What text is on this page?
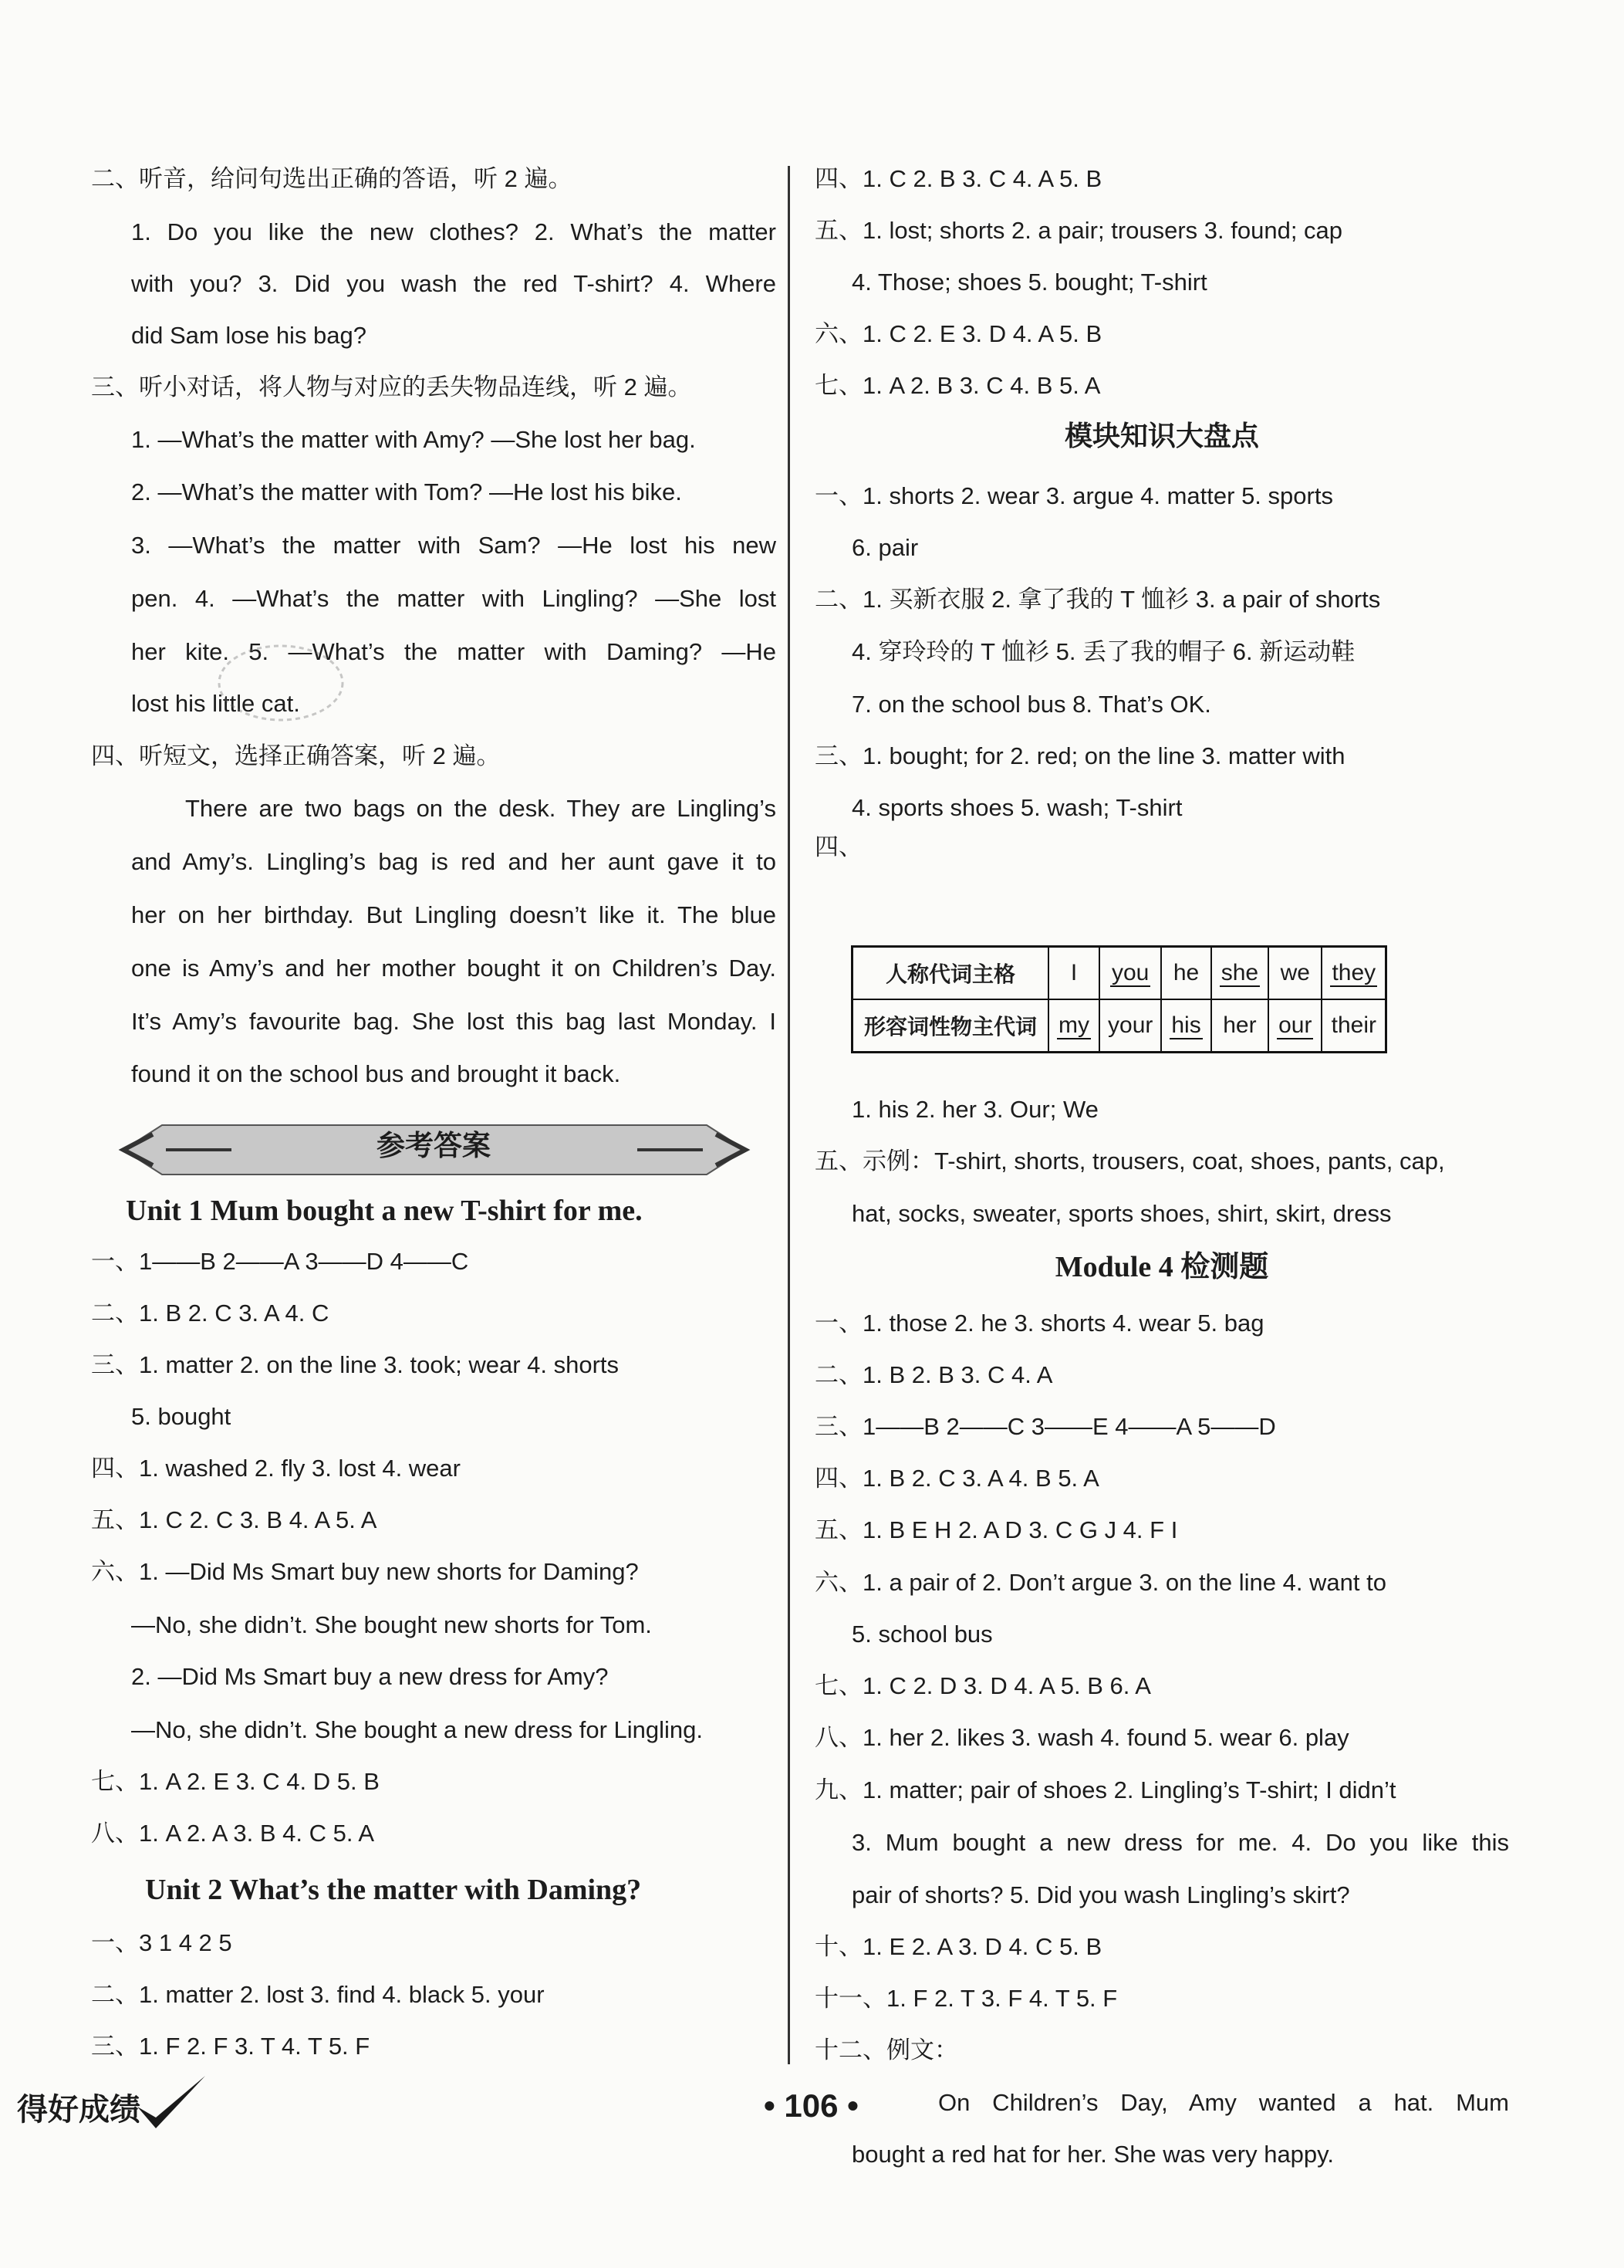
二、听音，给问句选出正确的答语，听 2 遍。
1. Do you like the new clothes? 2. What’s the matter
with you? 3. Did you wash the red T-shirt? 4. Where
did Sam lose his bag?
三、听小对话，将人物与对应的丢失物品连线，听 2 遍。
1. —What’s the matter with Amy? —She lost her bag.
2. —What’s the matter with Tom? —He lost his bike.
3. —What’s the matter with Sam? —He lost his new
pen. 4. —What’s the matter with Lingling? —She lost
her kite. 5. —What’s the matter with Daming? —He
lost his little cat.
四、听短文，选择正确答案，听 2 遍。
There are two bags on the desk. They are Lingling’s
and Amy’s. Lingling’s bag is red and her aunt gave it to
her on her birthday. But Lingling doesn’t like it. The blue
one is Amy’s and her mother bought it on Children’s Day.
It’s Amy’s favourite bag. She lost this bag last Monday. I
found it on the school bus and brought it back.
参考答案
Unit 1 Mum bought a new T-shirt for me.
一、1——B 2——A 3——D 4——C
二、1. B 2. C 3. A 4. C
三、1. matter 2. on the line 3. took; wear 4. shorts
5. bought
四、1. washed 2. fly 3. lost 4. wear
五、1. C 2. C 3. B 4. A 5. A
六、1. —Did Ms Smart buy new shorts for Daming?
—No, she didn’t. She bought new shorts for Tom.
2. —Did Ms Smart buy a new dress for Amy?
—No, she didn’t. She bought a new dress for Lingling.
七、1. A 2. E 3. C 4. D 5. B
八、1. A 2. A 3. B 4. C 5. A
Unit 2 What’s the matter with Daming?
一、3 1 4 2 5
二、1. matter 2. lost 3. find 4. black 5. your
三、1. F 2. F 3. T 4. T 5. F
四、1. C 2. B 3. C 4. A 5. B
五、1. lost; shorts 2. a pair; trousers 3. found; cap
4. Those; shoes 5. bought; T-shirt
六、1. C 2. E 3. D 4. A 5. B
七、1. A 2. B 3. C 4. B 5. A
模块知识大盘点
一、1. shorts 2. wear 3. argue 4. matter 5. sports
6. pair
二、1. 买新衣服 2. 拿了我的 T 恤衫 3. a pair of shorts
4. 穿玲玲的 T 恤衫 5. 丢了我的帽子 6. 新运动鞋
7. on the school bus 8. That’s OK.
三、1. bought; for 2. red; on the line 3. matter with
4. sports shoes 5. wash; T-shirt
四、
人称代词主格	I	you	he	she	we	they
形容词性物主代词	my	your	his	her	our	their
1. his 2. her 3. Our; We
五、示例：T-shirt, shorts, trousers, coat, shoes, pants, cap,
hat, socks, sweater, sports shoes, shirt, skirt, dress
Module 4 检测题
一、1. those 2. he 3. shorts 4. wear 5. bag
二、1. B 2. B 3. C 4. A
三、1——B 2——C 3——E 4——A 5——D
四、1. B 2. C 3. A 4. B 5. A
五、1. B E H 2. A D 3. C G J 4. F I
六、1. a pair of 2. Don’t argue 3. on the line 4. want to
5. school bus
七、1. C 2. D 3. D 4. A 5. B 6. A
八、1. her 2. likes 3. wash 4. found 5. wear 6. play
九、1. matter; pair of shoes 2. Lingling’s T-shirt; I didn’t
3. Mum bought a new dress for me. 4. Do you like this
pair of shorts? 5. Did you wash Lingling’s skirt?
十、1. E 2. A 3. D 4. C 5. B
十一、1. F 2. T 3. F 4. T 5. F
十二、例文：
On Children’s Day, Amy wanted a hat. Mum
bought a red hat for her. She was very happy.
得好成绩	• 106 •
